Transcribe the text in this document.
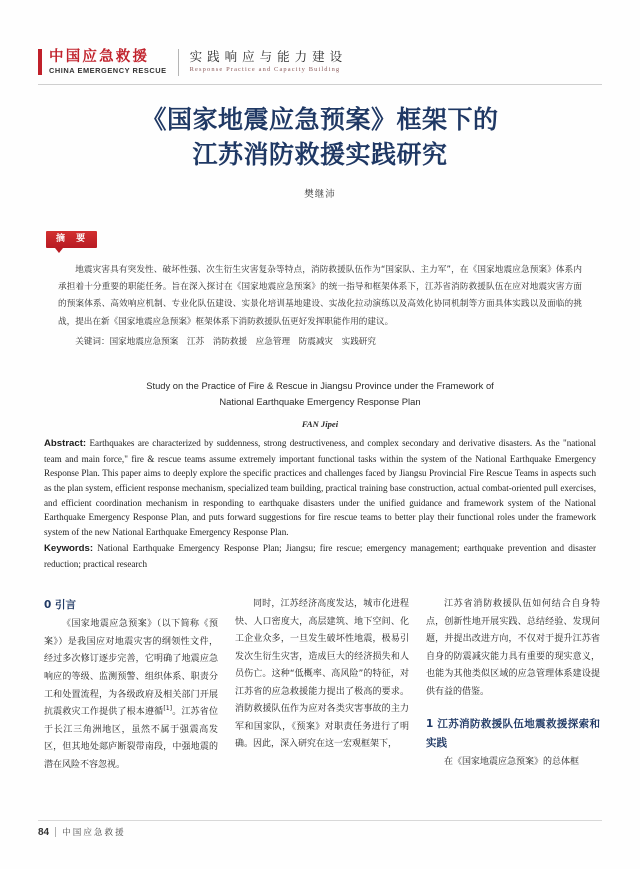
中国应急救援
CHINA EMERGENCY RESCUE
实践响应与能力建设
Response Practice and Capacity Building
《国家地震应急预案》框架下的
江苏消防救援实践研究
樊继沛
摘 要

地震灾害具有突发性、破坏性强、次生衍生灾害复杂等特点，消防救援队伍作为“国家队、主力军”，在《国家地震应急预案》体系内承担着十分重要的职能任务。旨在深入探讨在《国家地震应急预案》的统一指导和框架体系下，江苏省消防救援队伍在应对地震灾害方面的预案体系、高效响应机制、专业化队伍建设、实景化培训基地建设、实战化拉动演练以及高效化协同机制等方面具体实践以及面临的挑战，提出在新《国家地震应急预案》框架体系下消防救援队伍更好发挥职能作用的建议。

关键词：国家地震应急预案　江苏　消防救援　应急管理　防震减灾　实践研究
Study on the Practice of Fire & Rescue in Jiangsu Province under the Framework of
National Earthquake Emergency Response Plan
FAN Jipei

Abstract: Earthquakes are characterized by suddenness, strong destructiveness, and complex secondary and derivative disasters. As the "national team and main force," fire & rescue teams assume extremely important functional tasks within the system of the National Earthquake Emergency Response Plan. This paper aims to deeply explore the specific practices and challenges faced by Jiangsu Provincial Fire Rescue Teams in aspects such as the plan system, efficient response mechanism, specialized team building, practical training base construction, actual combat-oriented pull exercises, and efficient coordination mechanism in responding to earthquake disasters under the unified guidance and framework system of the National Earthquake Emergency Response Plan, and puts forward suggestions for fire rescue teams to better play their functional roles under the framework system of the new National Earthquake Emergency Response Plan.

Keywords: National Earthquake Emergency Response Plan; Jiangsu; fire rescue; emergency management; earthquake prevention and disaster reduction; practical research
0 引言

《国家地震应急预案》（以下简称《预案》）是我国应对地震灾害的纲领性文件，经过多次修订逐步完善，它明确了地震应急响应的等级、监测预警、组织体系、职责分工和处置流程，为各级政府及相关部门开展抗震救灾工作提供了根本遵循[1]。江苏省位于长江三角洲地区，虽然不属于强震高发区，但其地处郯庐断裂带南段，中强地震的潜在风险不容忽视。

同时，江苏经济高度发达，城市化进程快、人口密度大，高层建筑、地下空间、化工企业众多，一旦发生破坏性地震，极易引发次生衍生灾害，造成巨大的经济损失和人员伤亡。这种“低概率、高风险”的特征，对江苏省的应急救援能力提出了极高的要求。消防救援队伍作为应对各类灾害事故的主力军和国家队，《预案》对职责任务进行了明确。因此，深入研究在这一宏观框架下，

江苏省消防救援队伍如何结合自身特点，创新性地开展实践、总结经验、发现问题，并提出改进方向，不仅对于提升江苏省自身的防震减灾能力具有重要的现实意义，也能为其他类似区域的应急管理体系建设提供有益的借鉴。

1 江苏消防救援队伍地震救援探索和实践

在《国家地震应急预案》的总体框

84 中国应急救援
